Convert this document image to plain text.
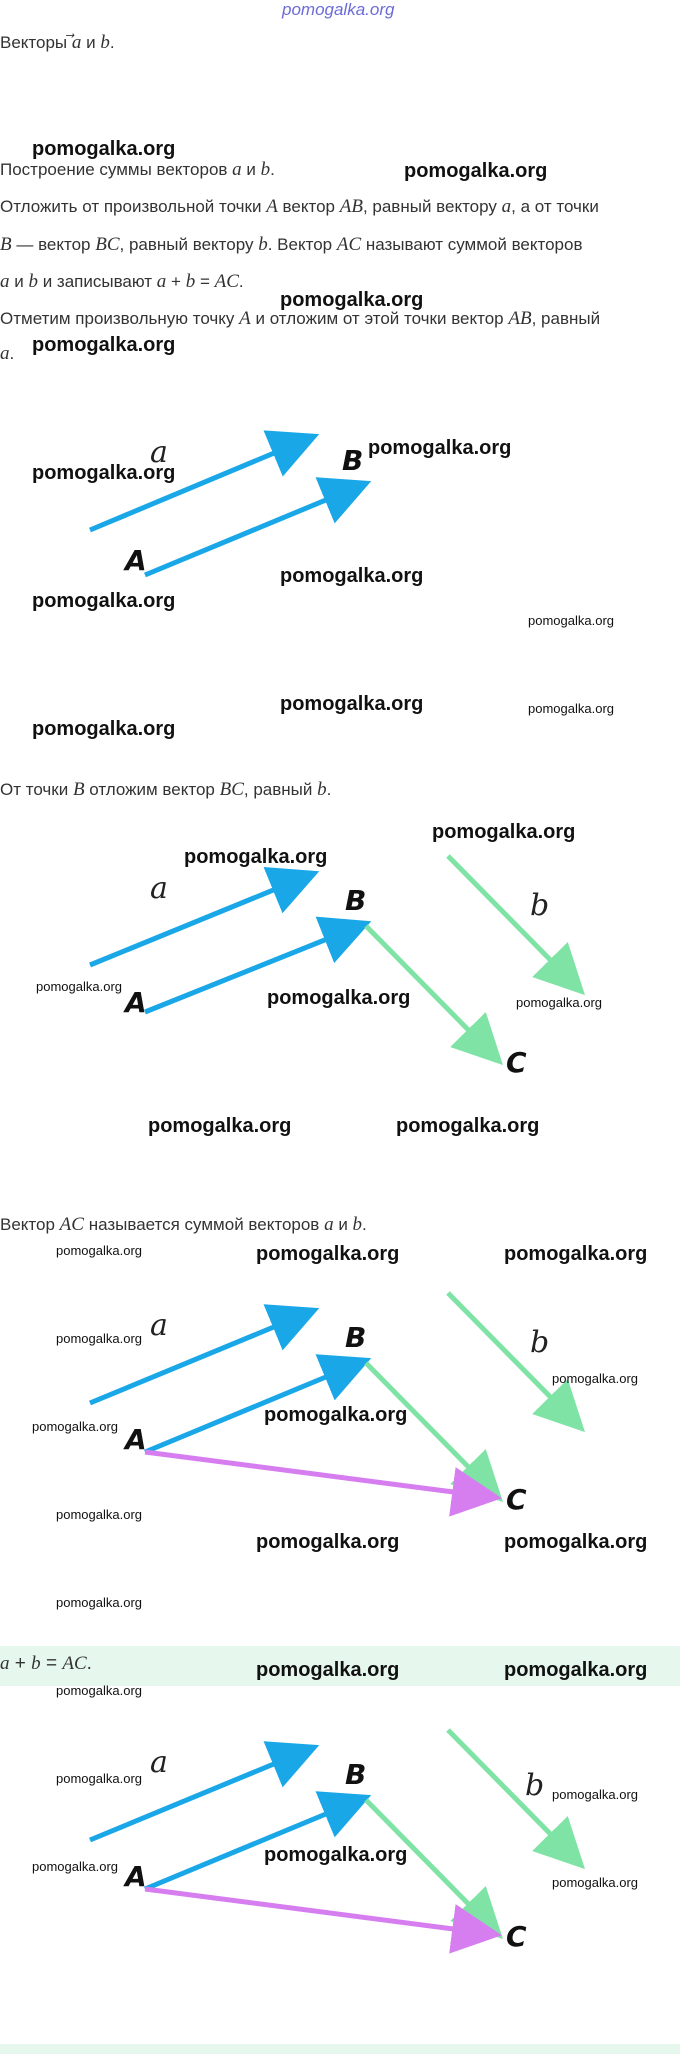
pomogalka.org
Векторы a и b.
Построение суммы векторов a и b.
Отложить от произвольной точки A вектор AB, равный вектору a, а от точки
B — вектор BC, равный вектору b. Вектор AC называют суммой векторов
a и b и записывают a + b = AC.
Отметим произвольную точку A и отложим от этой точки вектор AB, равный
a.
a	B
A
От точки B отложим вектор BC, равный b.
a	b
B
A
C
Вектор AC называется суммой векторов a и b.
a	b
B
A
C
a + b = AC.
a
b
B
A
C
pomogalka.org
pomogalka.org
pomogalka.org
pomogalka.org
pomogalka.org
pomogalka.org
pomogalka.org
pomogalka.org
pomogalka.org
pomogalka.org	pomogalka.org
pomogalka.org
pomogalka.org
pomogalka.org
pomogalka.org
pomogalka.org	pomogalka.org
pomogalka.org	pomogalka.org
pomogalka.org	pomogalka.org	pomogalka.org
pomogalka.org
pomogalka.org
pomogalka.org
pomogalka.org
pomogalka.org
pomogalka.org	pomogalka.org
pomogalka.org
pomogalka.org	pomogalka.org
pomogalka.org
pomogalka.org
pomogalka.org
pomogalka.org
pomogalka.org
pomogalka.org
